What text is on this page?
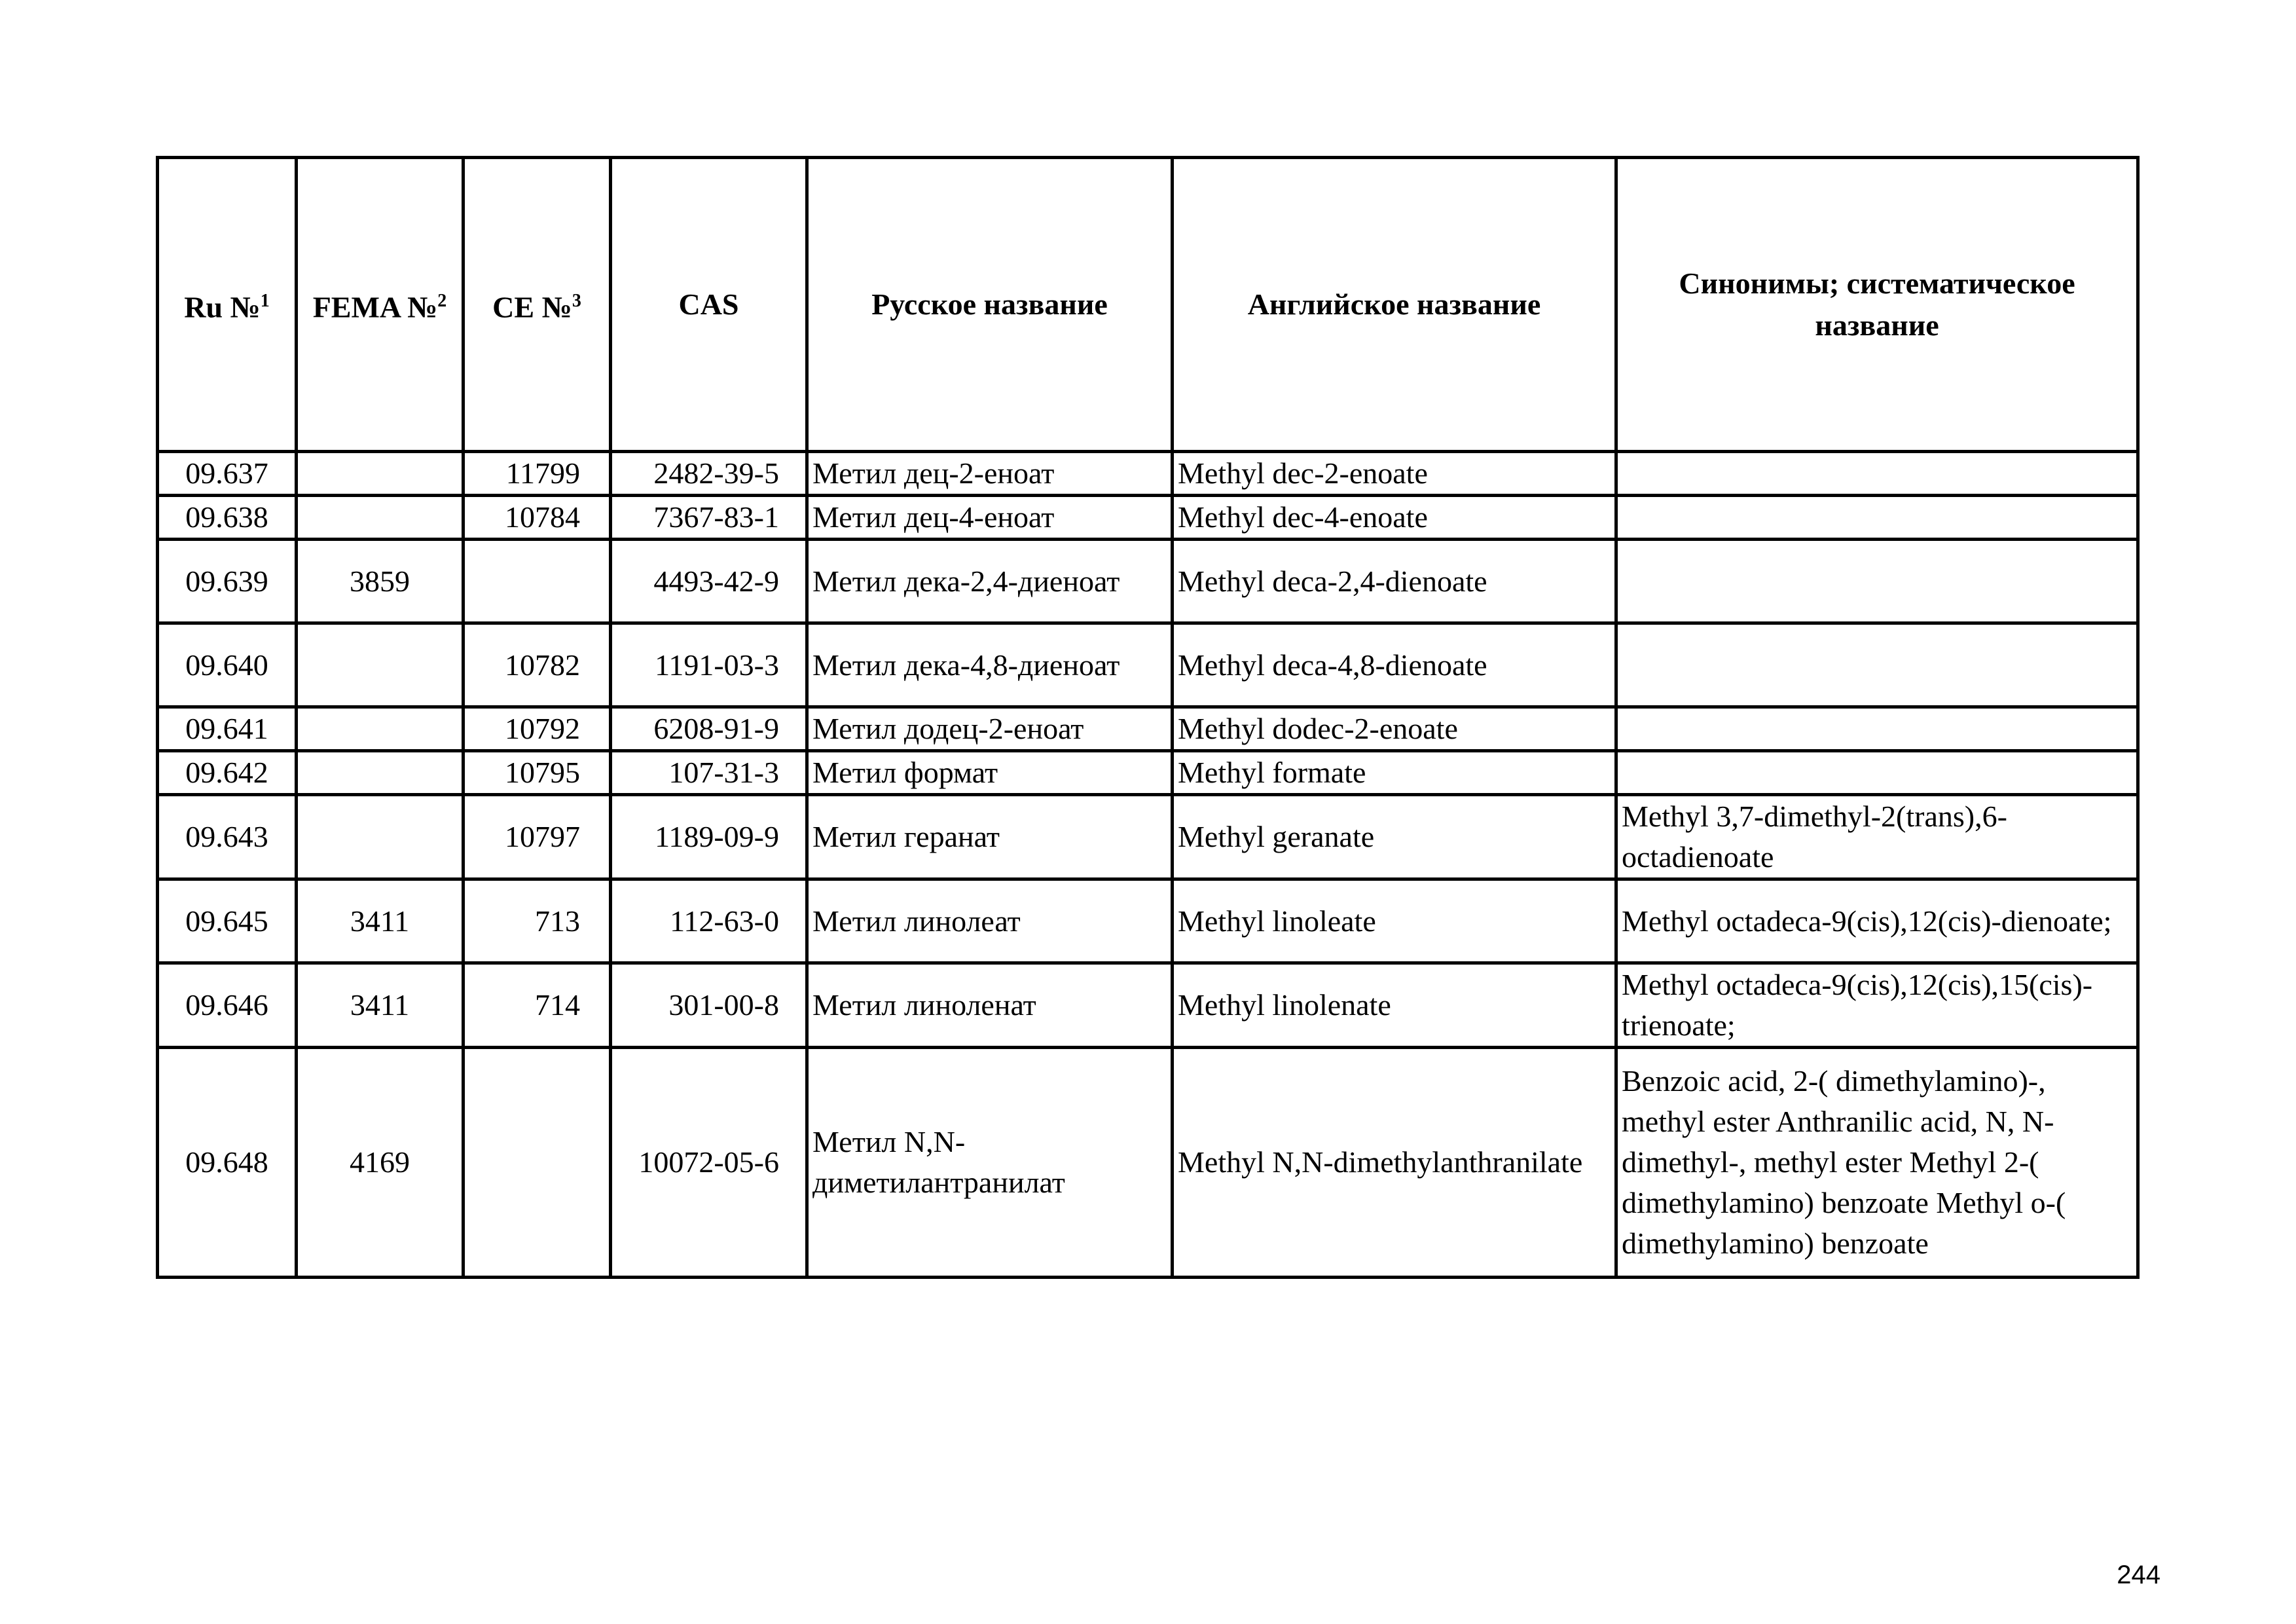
Ru №$^1$	FEMA №$^2$	CE №$^3$	CAS	Русское название	Английское название	Синонимы; систематическое название
09.637		11799	2482-39-5	Метил дец-2-еноат	Methyl dec-2-enoate	
09.638		10784	7367-83-1	Метил дец-4-еноат	Methyl dec-4-enoate	
09.639	3859		4493-42-9	Метил дека-2,4-диеноат	Methyl deca-2,4-dienoate	
09.640		10782	1191-03-3	Метил дека-4,8-диеноат	Methyl deca-4,8-dienoate	
09.641		10792	6208-91-9	Метил додец-2-еноат	Methyl dodec-2-enoate	
09.642		10795	107-31-3	Метил формат	Methyl formate	
09.643		10797	1189-09-9	Метил геранат	Methyl geranate	Methyl 3,7-dimethyl-2(trans),6-octadienoate
09.645	3411	713	112-63-0	Метил линолеат	Methyl linoleate	Methyl octadeca-9(cis),12(cis)-dienoate;
09.646	3411	714	301-00-8	Метил линоленат	Methyl linolenate	Methyl octadeca-9(cis),12(cis),15(cis)-trienoate;
09.648	4169		10072-05-6	Метил N,N-диметилантранилат	Methyl N,N-dimethylanthranilate	Benzoic acid, 2-( dimethylamino)-, methyl ester Anthranilic acid, N, N-dimethyl-, methyl ester Methyl 2-( dimethylamino) benzoate Methyl o-( dimethylamino) benzoate
244
